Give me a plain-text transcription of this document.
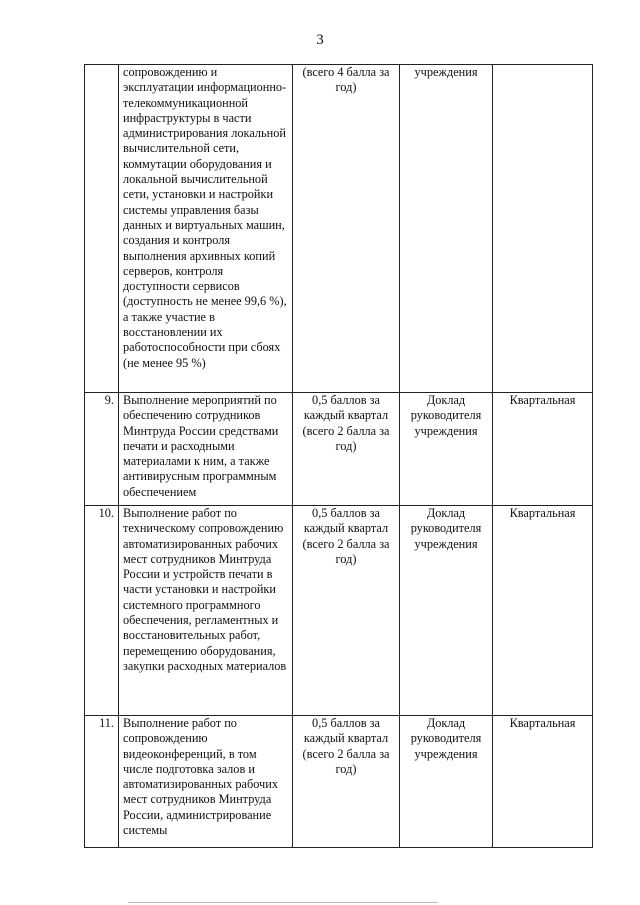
3
	сопровождению и эксплуатации информационно-телекоммуникационной инфраструктуры в части администрирования локальной вычислительной сети, коммутации оборудования и локальной вычислительной сети, установки и настройки системы управления базы данных и виртуальных машин, создания и контроля выполнения архивных копий серверов, контроля доступности сервисов (доступность не менее 99,6 %), а также участие в восстановлении их работоспособности при сбоях (не менее 95 %)	(всего 4 балла за год)	учреждения	
9.	Выполнение мероприятий по обеспечению сотрудников Минтруда России средствами печати и расходными материалами к ним, а также антивирусным программным обеспечением	0,5 баллов за каждый квартал (всего 2 балла за год)	Доклад руководителя учреждения	Квартальная
10.	Выполнение работ по техническому сопровождению автоматизированных рабочих мест сотрудников Минтруда России и устройств печати в части установки и настройки системного программного обеспечения, регламентных и восстановительных работ, перемещению оборудования, закупки расходных материалов	0,5 баллов за каждый квартал (всего 2 балла за год)	Доклад руководителя учреждения	Квартальная
11.	Выполнение работ по сопровождению видеоконференций, в том числе подготовка залов и автоматизированных рабочих мест сотрудников Минтруда России, администрирование системы	0,5 баллов за каждый квартал (всего 2 балла за год)	Доклад руководителя учреждения	Квартальная
